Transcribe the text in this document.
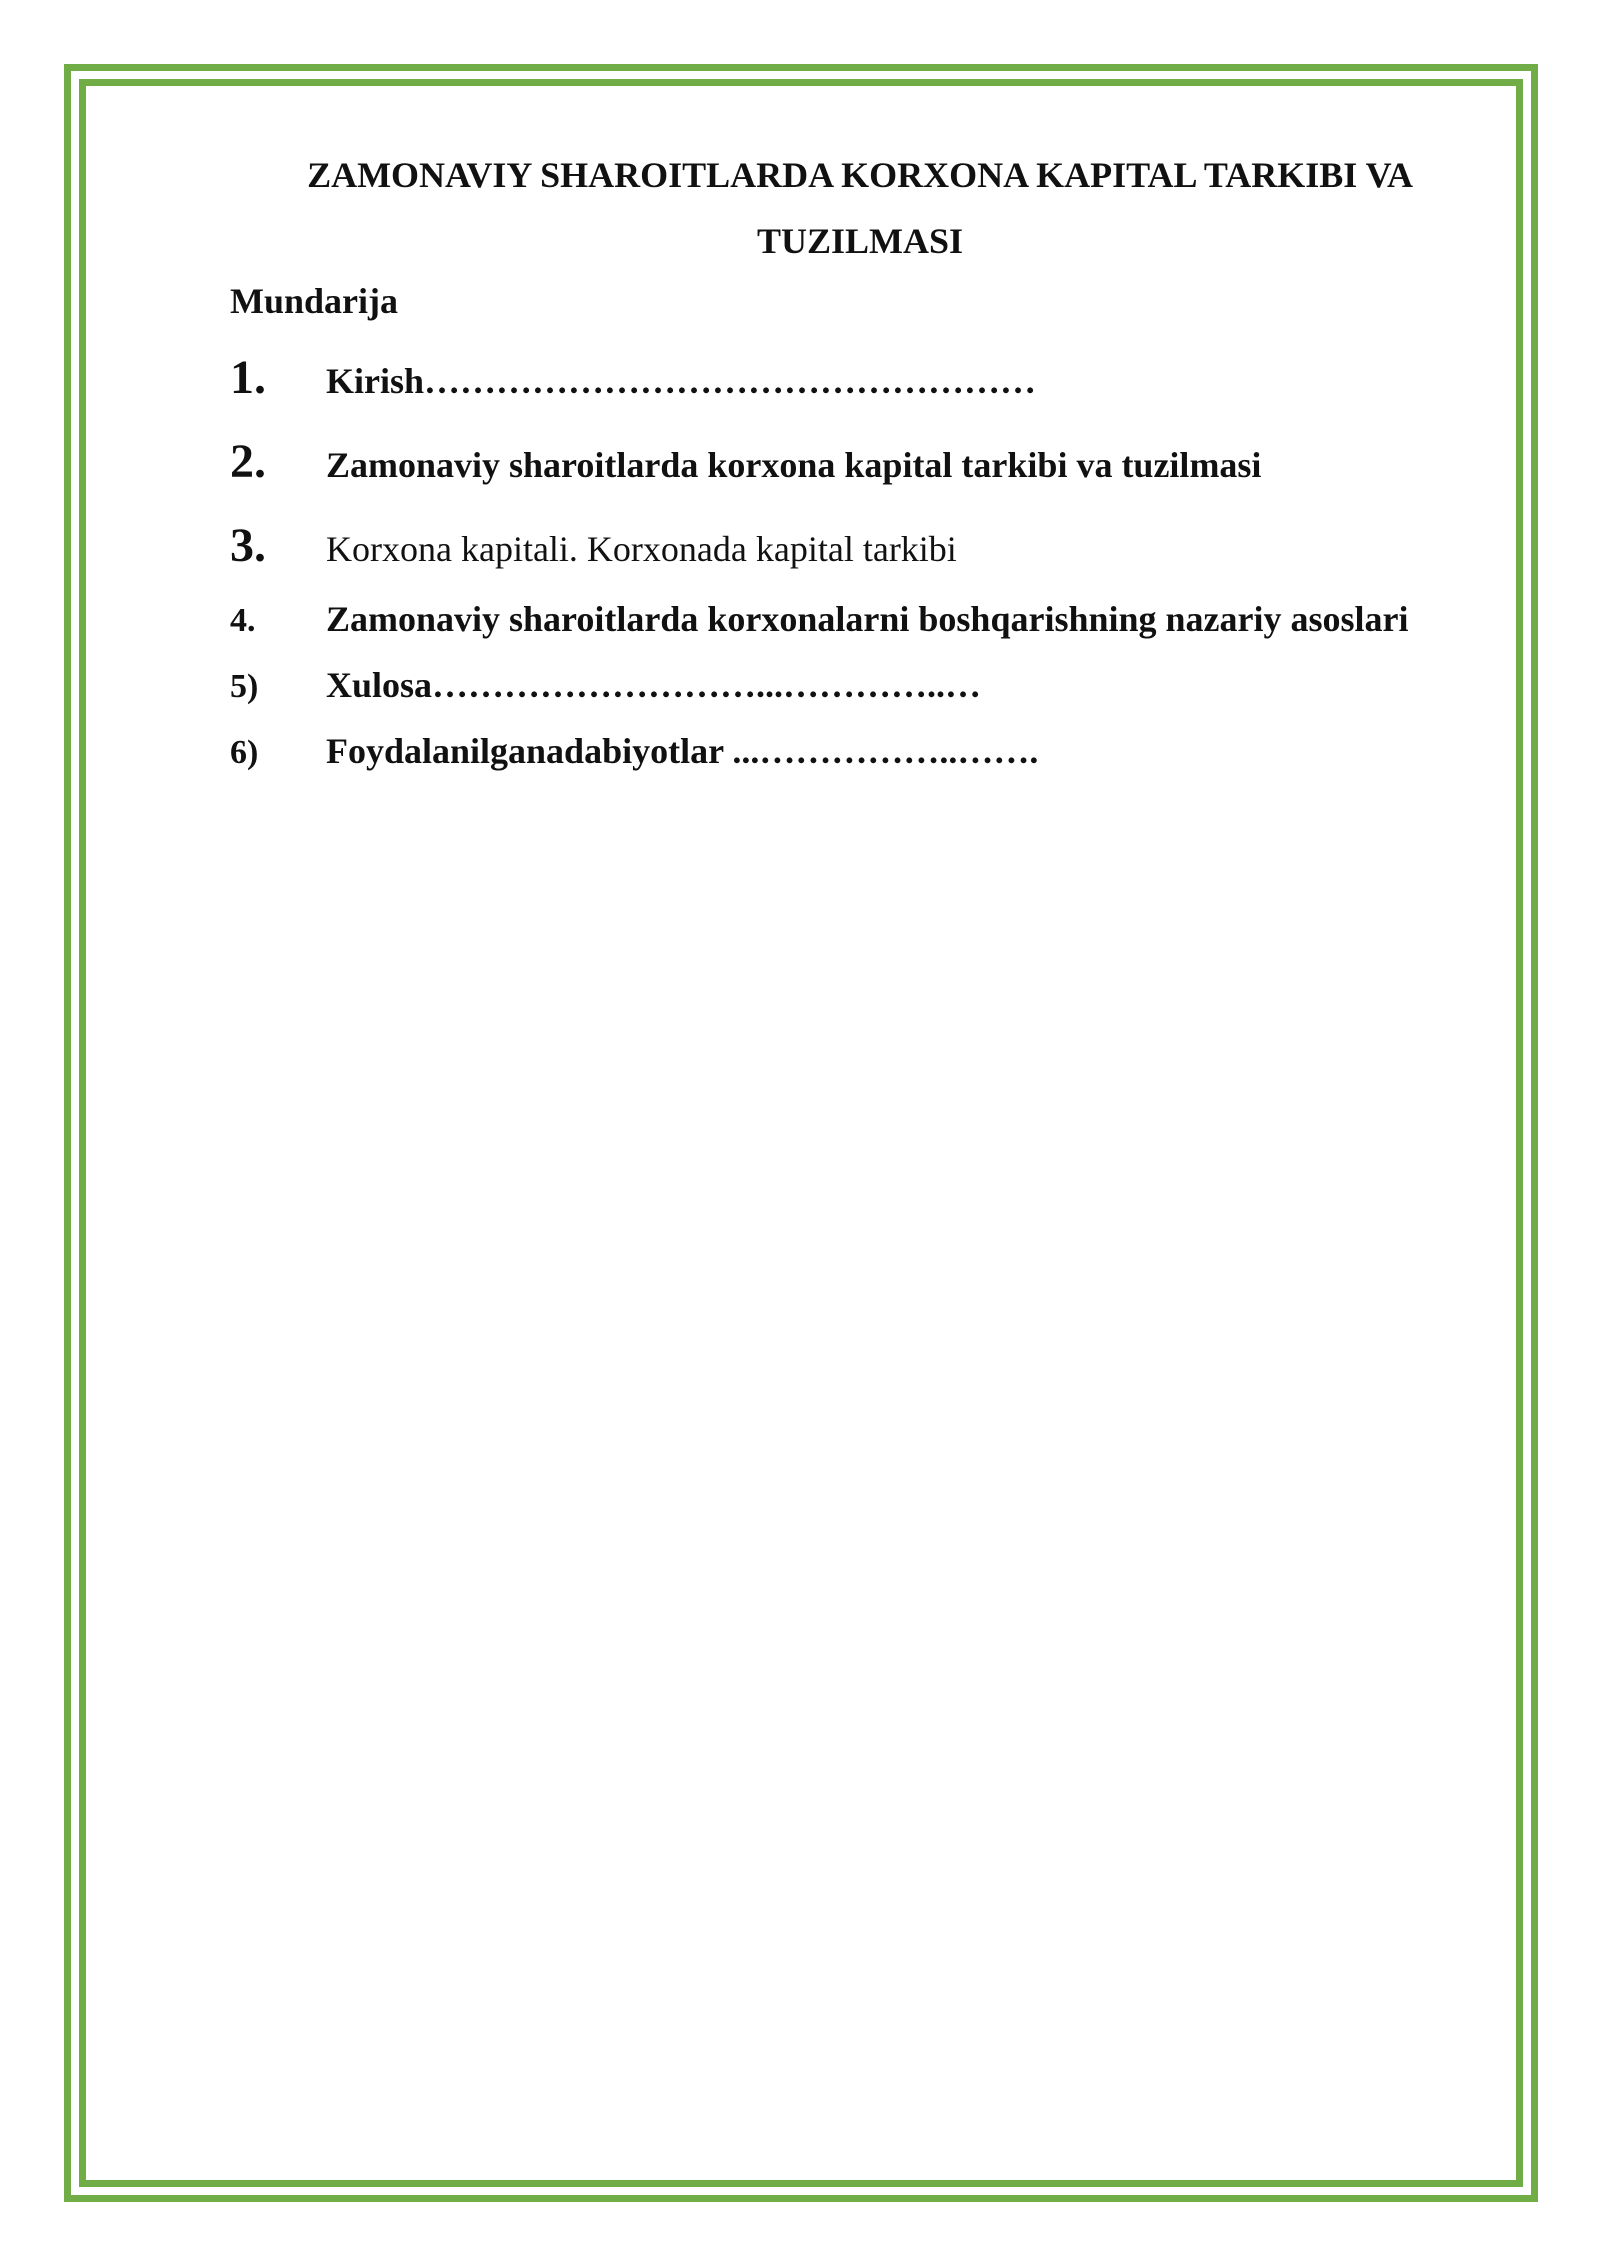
ZAMONAVIY SHAROITLARDA KORXONA KAPITAL TARKIBI VA
TUZILMASI
Mundarija
1.	Kirish……………………………………………
2.	Zamonaviy sharoitlarda korxona kapital tarkibi va tuzilmasi
3.	Korxona kapitali. Korxonada kapital tarkibi
4.	Zamonaviy sharoitlarda korxonalarni boshqarishning nazariy asoslari
5)	Xulosa………………………...…………..…
6)	Foydalanilganadabiyotlar ...……………..…….
